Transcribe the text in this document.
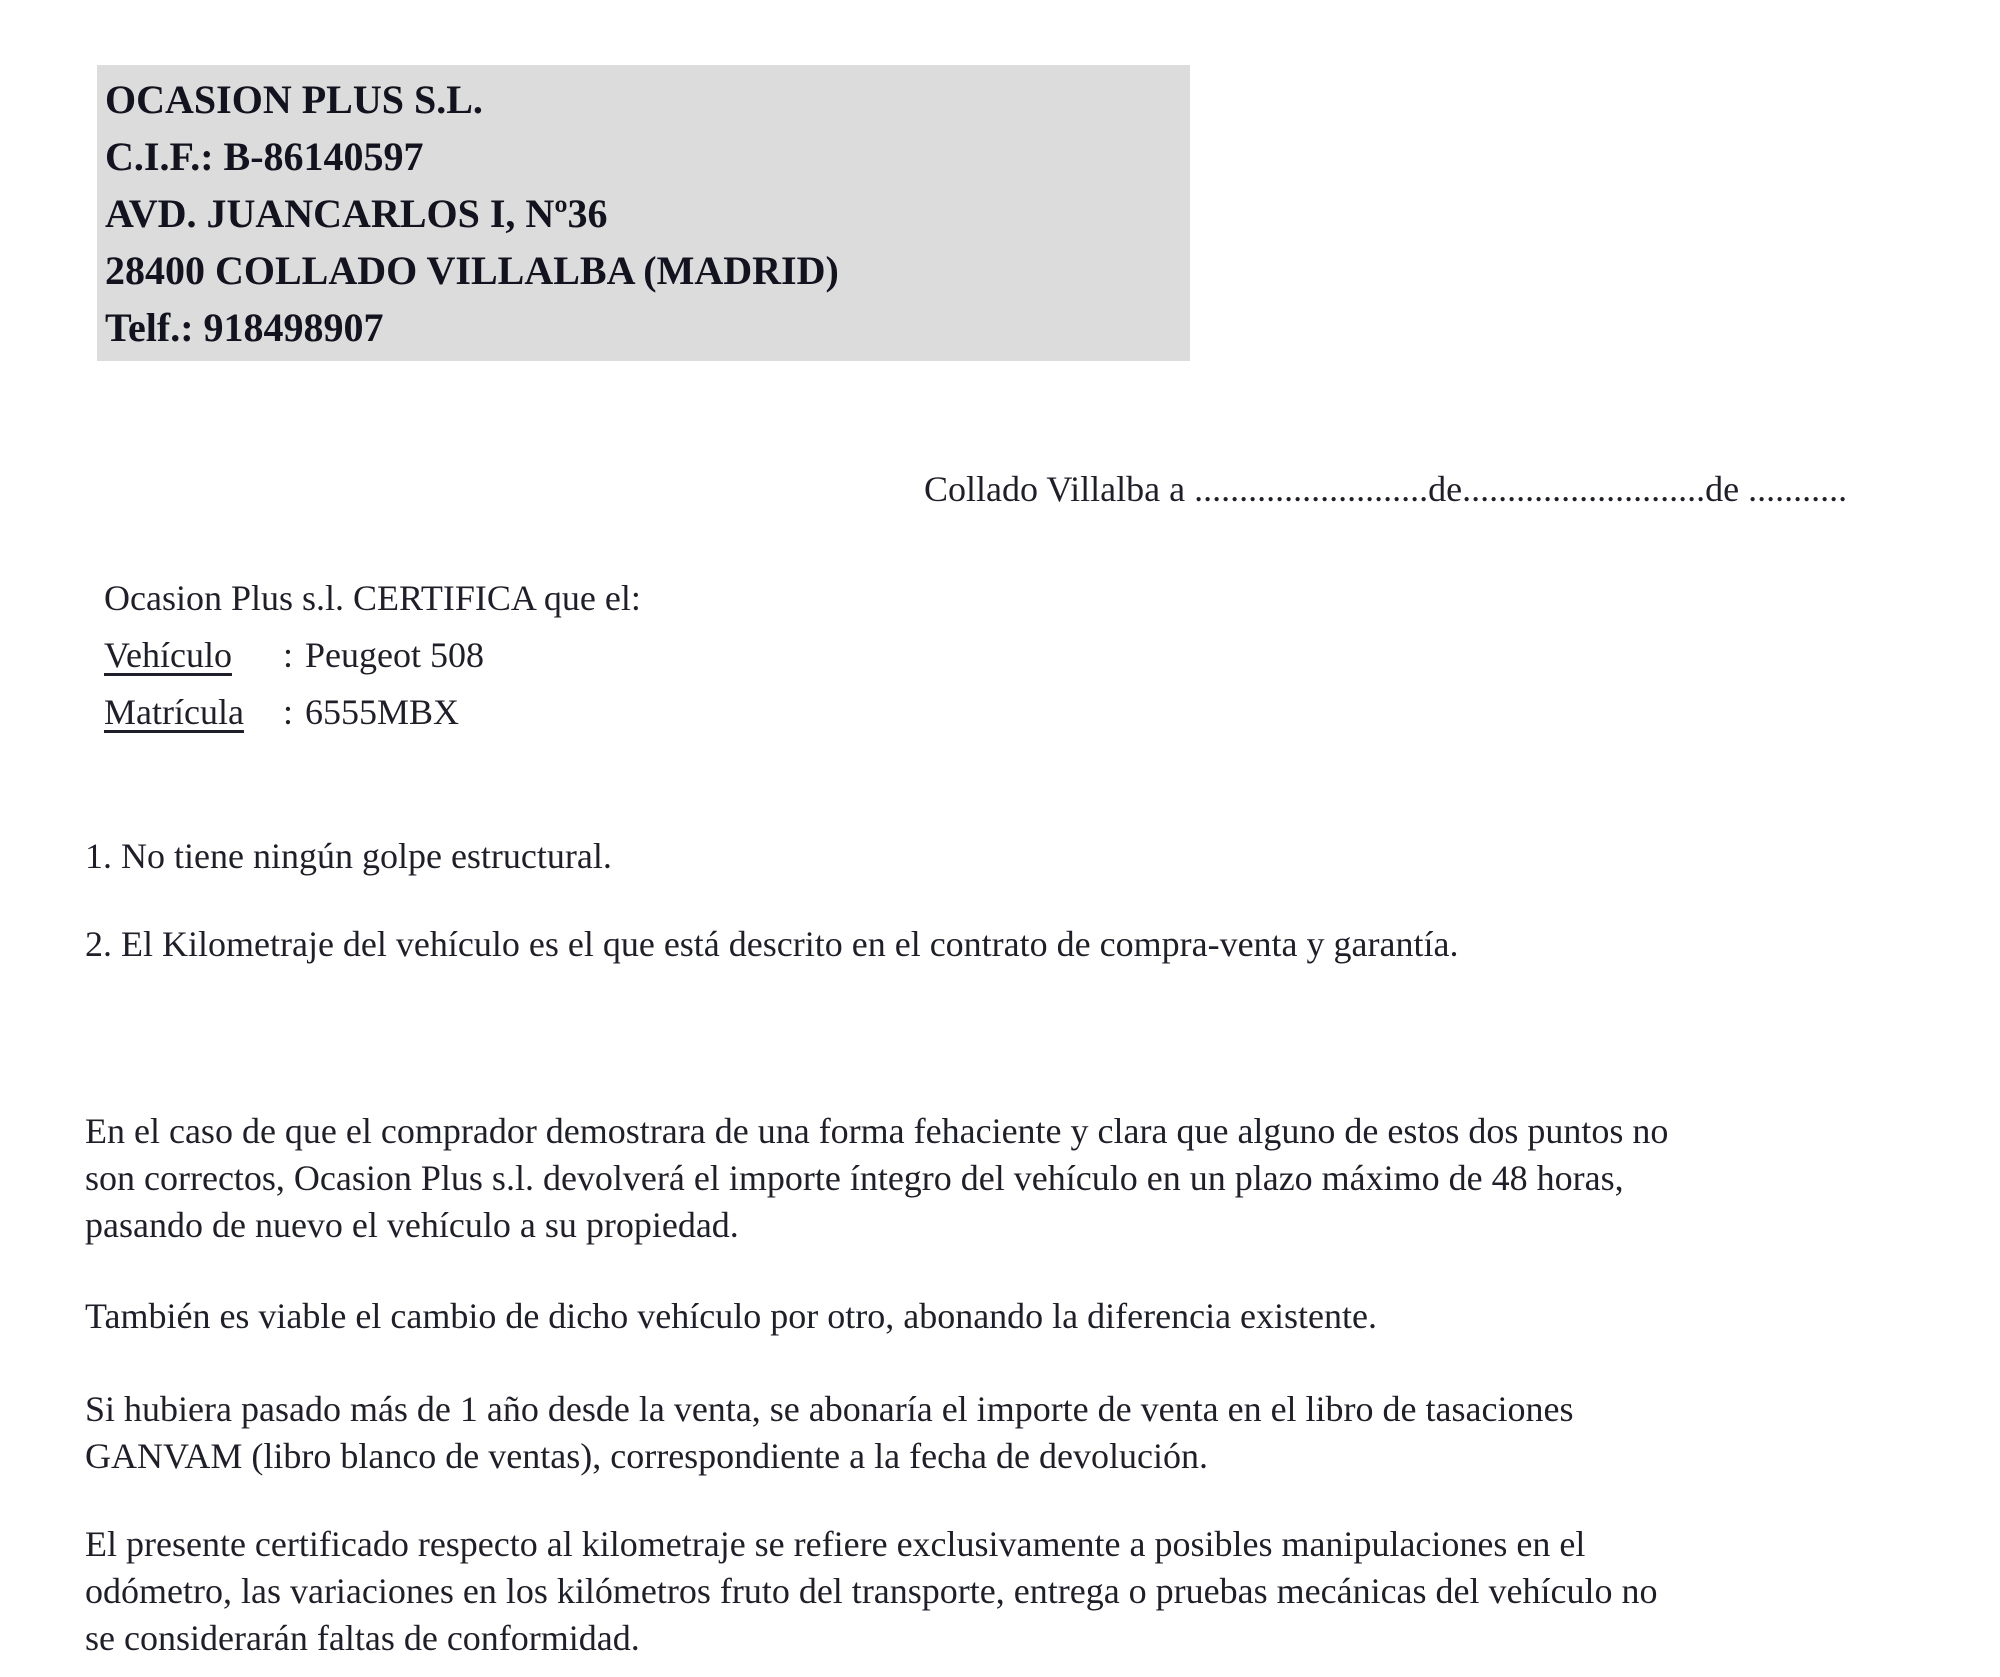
OCASION PLUS S.L.
C.I.F.: B-86140597
AVD. JUANCARLOS I, Nº36
28400 COLLADO VILLALBA (MADRID)
Telf.: 918498907
Collado Villalba a ..........................de...........................de ...........
Ocasion Plus s.l. CERTIFICA que el:
Vehículo : Peugeot 508
Matrícula : 6555MBX
1. No tiene ningún golpe estructural.
2. El Kilometraje del vehículo es el que está descrito en el contrato de compra-venta y garantía.
En el caso de que el comprador demostrara de una forma fehaciente y clara que alguno de estos dos puntos no
son correctos, Ocasion Plus s.l. devolverá el importe íntegro del vehículo en un plazo máximo de 48 horas,
pasando de nuevo el vehículo a su propiedad.
También es viable el cambio de dicho vehículo por otro, abonando la diferencia existente.
Si hubiera pasado más de 1 año desde la venta, se abonaría el importe de venta en el libro de tasaciones
GANVAM (libro blanco de ventas), correspondiente a la fecha de devolución.
El presente certificado respecto al kilometraje se refiere exclusivamente a posibles manipulaciones en el
odómetro, las variaciones en los kilómetros fruto del transporte, entrega o pruebas mecánicas del vehículo no
se considerarán faltas de conformidad.
